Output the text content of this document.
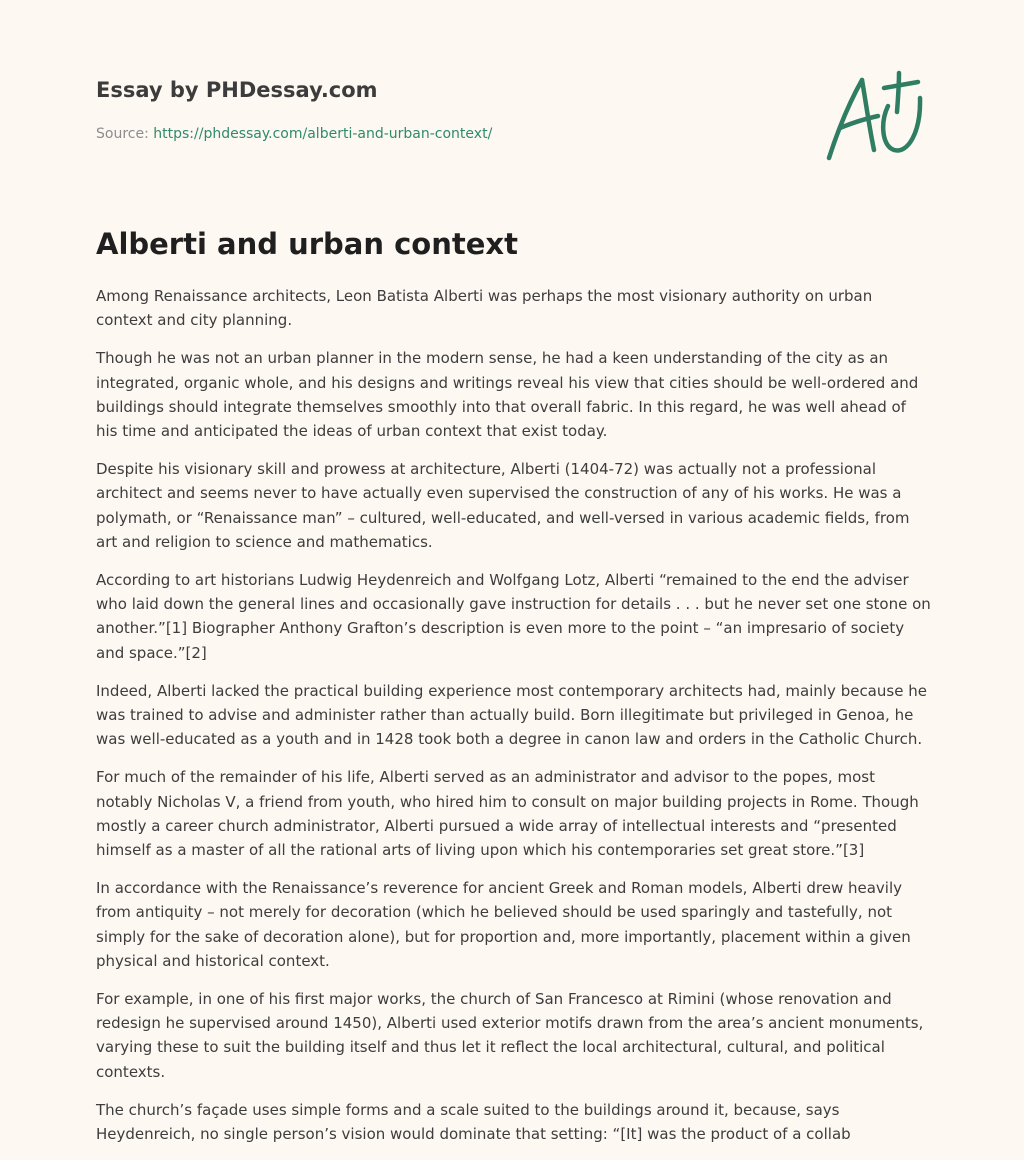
Essay by PHDessay.com
Source: https://phdessay.com/alberti-and-urban-context/
Alberti and urban context

Among Renaissance architects, Leon Batista Alberti was perhaps the most visionary authority on urban context and city planning.

Though he was not an urban planner in the modern sense, he had a keen understanding of the city as an integrated, organic whole, and his designs and writings reveal his view that cities should be well-ordered and buildings should integrate themselves smoothly into that overall fabric. In this regard, he was well ahead of his time and anticipated the ideas of urban context that exist today.

Despite his visionary skill and prowess at architecture, Alberti (1404-72) was actually not a professional architect and seems never to have actually even supervised the construction of any of his works. He was a polymath, or “Renaissance man” – cultured, well-educated, and well-versed in various academic fields, from art and religion to science and mathematics.

According to art historians Ludwig Heydenreich and Wolfgang Lotz, Alberti “remained to the end the adviser who laid down the general lines and occasionally gave instruction for details . . . but he never set one stone on another.”[1] Biographer Anthony Grafton’s description is even more to the point – “an impresario of society and space.”[2]

Indeed, Alberti lacked the practical building experience most contemporary architects had, mainly because he was trained to advise and administer rather than actually build. Born illegitimate but privileged in Genoa, he was well-educated as a youth and in 1428 took both a degree in canon law and orders in the Catholic Church.

For much of the remainder of his life, Alberti served as an administrator and advisor to the popes, most notably Nicholas V, a friend from youth, who hired him to consult on major building projects in Rome. Though mostly a career church administrator, Alberti pursued a wide array of intellectual interests and “presented himself as a master of all the rational arts of living upon which his contemporaries set great store.”[3]

In accordance with the Renaissance’s reverence for ancient Greek and Roman models, Alberti drew heavily from antiquity – not merely for decoration (which he believed should be used sparingly and tastefully, not simply for the sake of decoration alone), but for proportion and, more importantly, placement within a given physical and historical context.

For example, in one of his first major works, the church of San Francesco at Rimini (whose renovation and redesign he supervised around 1450), Alberti used exterior motifs drawn from the area’s ancient monuments, varying these to suit the building itself and thus let it reflect the local architectural, cultural, and political contexts.

The church’s façade uses simple forms and a scale suited to the buildings around it, because, says Heydenreich, no single person’s vision would dominate that setting: “[It] was the product of a collab
